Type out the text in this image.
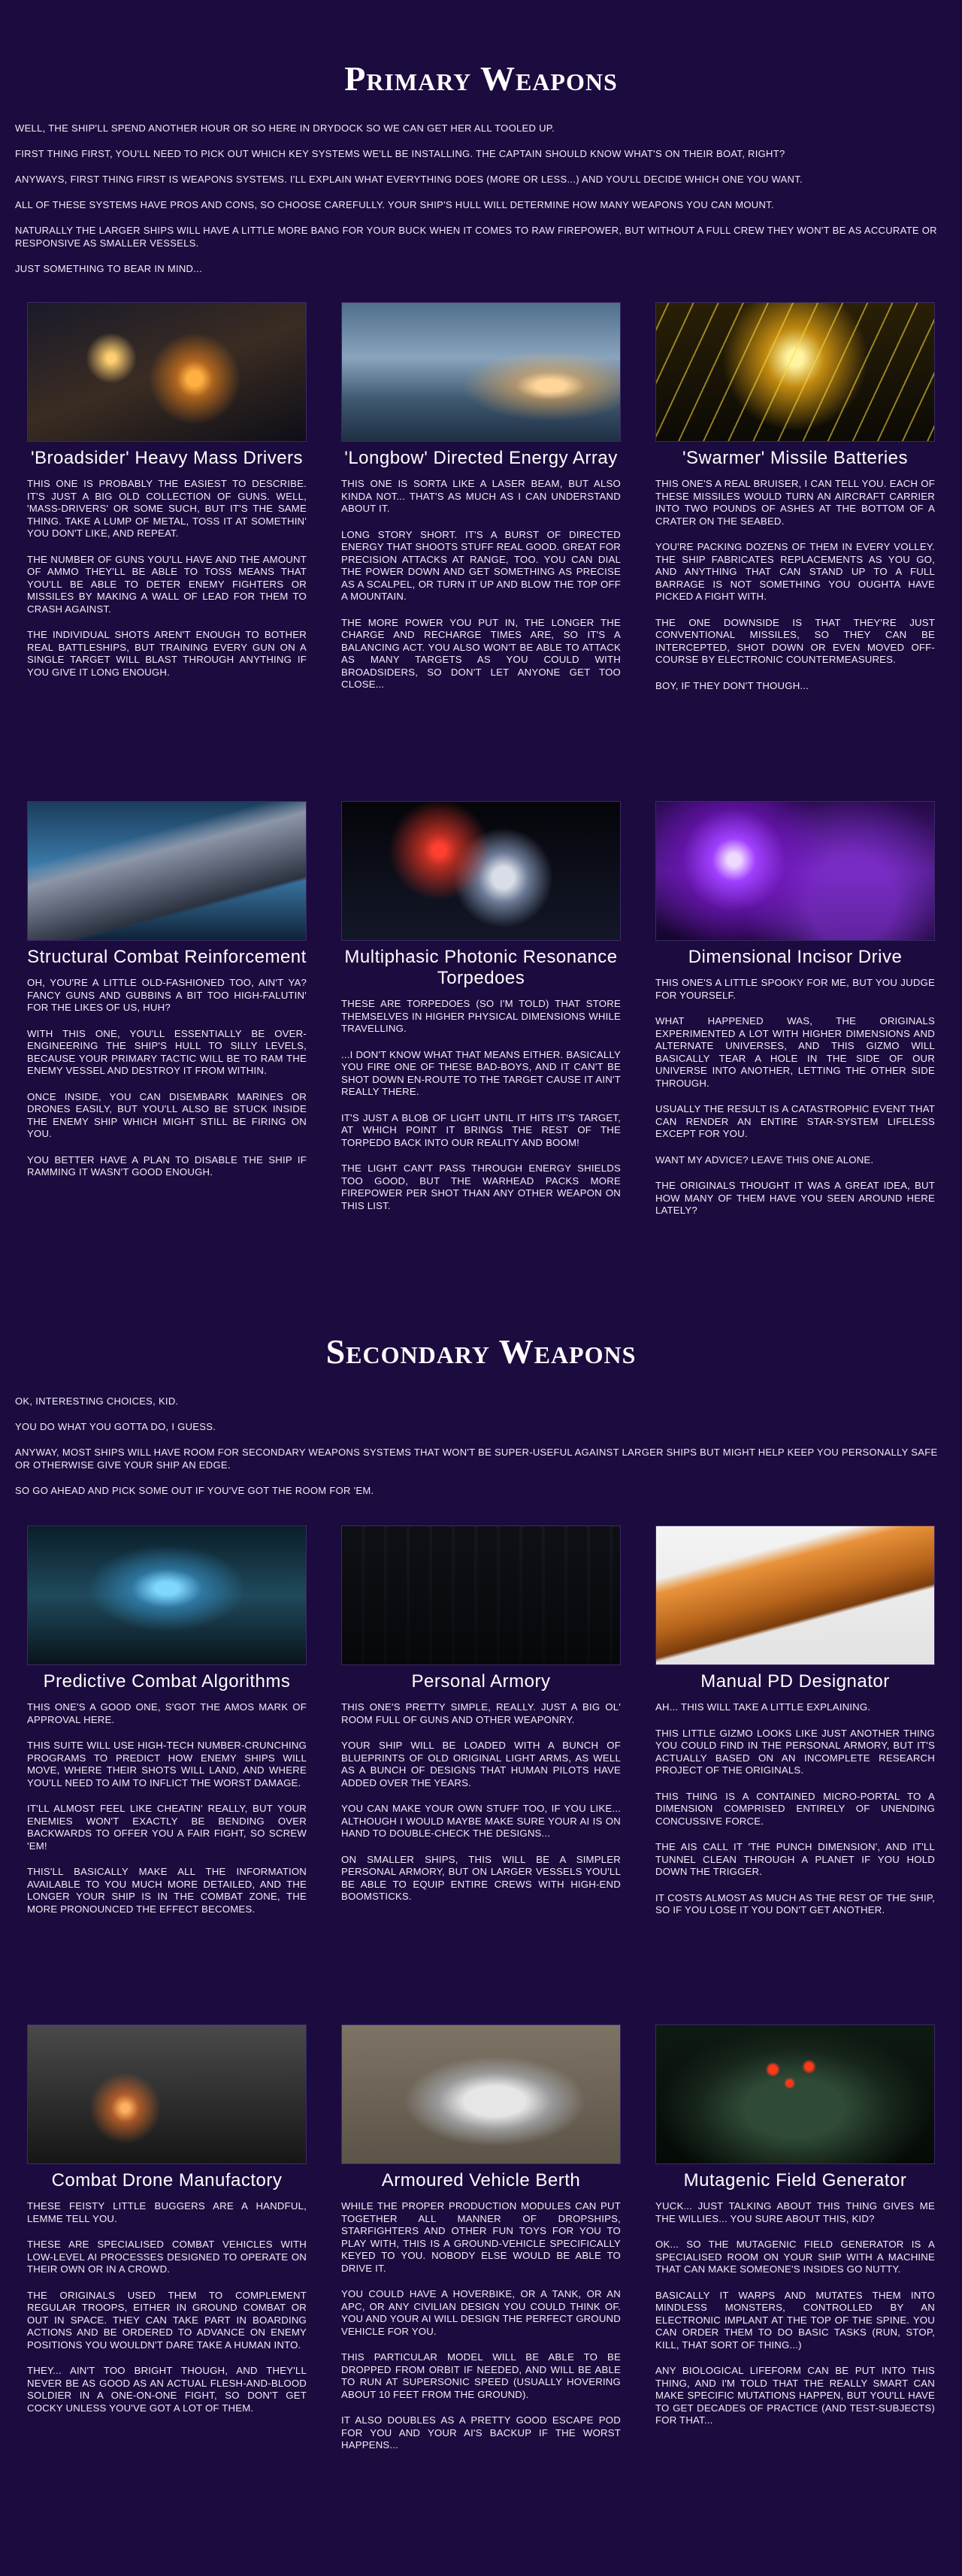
Primary Weapons

WELL, THE SHIP'LL SPEND ANOTHER HOUR OR SO HERE IN DRYDOCK SO WE CAN GET HER ALL TOOLED UP.

FIRST THING FIRST, YOU'LL NEED TO PICK OUT WHICH KEY SYSTEMS WE'LL BE INSTALLING. THE CAPTAIN SHOULD KNOW WHAT'S ON THEIR BOAT, RIGHT?

ANYWAYS, FIRST THING FIRST IS WEAPONS SYSTEMS. I'LL EXPLAIN WHAT EVERYTHING DOES (MORE OR LESS...) AND YOU'LL DECIDE WHICH ONE YOU WANT.

ALL OF THESE SYSTEMS HAVE PROS AND CONS, SO CHOOSE CAREFULLY. YOUR SHIP'S HULL WILL DETERMINE HOW MANY WEAPONS YOU CAN MOUNT.

NATURALLY THE LARGER SHIPS WILL HAVE A LITTLE MORE BANG FOR YOUR BUCK WHEN IT COMES TO RAW FIREPOWER, BUT WITHOUT A FULL CREW THEY WON'T BE AS ACCURATE OR RESPONSIVE AS SMALLER VESSELS.

JUST SOMETHING TO BEAR IN MIND...

'Broadsider' Heavy Mass Drivers

THIS ONE IS PROBABLY THE EASIEST TO DESCRIBE. IT'S JUST A BIG OLD COLLECTION OF GUNS. WELL, 'MASS-DRIVERS' OR SOME SUCH, BUT IT'S THE SAME THING. TAKE A LUMP OF METAL, TOSS IT AT SOMETHIN' YOU DON'T LIKE, AND REPEAT.

THE NUMBER OF GUNS YOU'LL HAVE AND THE AMOUNT OF AMMO THEY'LL BE ABLE TO TOSS MEANS THAT YOU'LL BE ABLE TO DETER ENEMY FIGHTERS OR MISSILES BY MAKING A WALL OF LEAD FOR THEM TO CRASH AGAINST.

THE INDIVIDUAL SHOTS AREN'T ENOUGH TO BOTHER REAL BATTLESHIPS, BUT TRAINING EVERY GUN ON A SINGLE TARGET WILL BLAST THROUGH ANYTHING IF YOU GIVE IT LONG ENOUGH.

'Longbow' Directed Energy Array

THIS ONE IS SORTA LIKE A LASER BEAM, BUT ALSO KINDA NOT... THAT'S AS MUCH AS I CAN UNDERSTAND ABOUT IT.

LONG STORY SHORT. IT'S A BURST OF DIRECTED ENERGY THAT SHOOTS STUFF REAL GOOD. GREAT FOR PRECISION ATTACKS AT RANGE, TOO. YOU CAN DIAL THE POWER DOWN AND GET SOMETHING AS PRECISE AS A SCALPEL, OR TURN IT UP AND BLOW THE TOP OFF A MOUNTAIN.

THE MORE POWER YOU PUT IN, THE LONGER THE CHARGE AND RECHARGE TIMES ARE, SO IT'S A BALANCING ACT. YOU ALSO WON'T BE ABLE TO ATTACK AS MANY TARGETS AS YOU COULD WITH BROADSIDERS, SO DON'T LET ANYONE GET TOO CLOSE...

'Swarmer' Missile Batteries

THIS ONE'S A REAL BRUISER, I CAN TELL YOU. EACH OF THESE MISSILES WOULD TURN AN AIRCRAFT CARRIER INTO TWO POUNDS OF ASHES AT THE BOTTOM OF A CRATER ON THE SEABED.

YOU'RE PACKING DOZENS OF THEM IN EVERY VOLLEY. THE SHIP FABRICATES REPLACEMENTS AS YOU GO, AND ANYTHING THAT CAN STAND UP TO A FULL BARRAGE IS NOT SOMETHING YOU OUGHTA HAVE PICKED A FIGHT WITH.

THE ONE DOWNSIDE IS THAT THEY'RE JUST CONVENTIONAL MISSILES, SO THEY CAN BE INTERCEPTED, SHOT DOWN OR EVEN MOVED OFF-COURSE BY ELECTRONIC COUNTERMEASURES.

BOY, IF THEY DON'T THOUGH...

Structural Combat Reinforcement

OH, YOU'RE A LITTLE OLD-FASHIONED TOO, AIN'T YA? FANCY GUNS AND GUBBINS A BIT TOO HIGH-FALUTIN' FOR THE LIKES OF US, HUH?

WITH THIS ONE, YOU'LL ESSENTIALLY BE OVER-ENGINEERING THE SHIP'S HULL TO SILLY LEVELS, BECAUSE YOUR PRIMARY TACTIC WILL BE TO RAM THE ENEMY VESSEL AND DESTROY IT FROM WITHIN.

ONCE INSIDE, YOU CAN DISEMBARK MARINES OR DRONES EASILY, BUT YOU'LL ALSO BE STUCK INSIDE THE ENEMY SHIP WHICH MIGHT STILL BE FIRING ON YOU.

YOU BETTER HAVE A PLAN TO DISABLE THE SHIP IF RAMMING IT WASN'T GOOD ENOUGH.

Multiphasic Photonic Resonance Torpedoes

THESE ARE TORPEDOES (SO I'M TOLD) THAT STORE THEMSELVES IN HIGHER PHYSICAL DIMENSIONS WHILE TRAVELLING.

...I DON'T KNOW WHAT THAT MEANS EITHER. BASICALLY YOU FIRE ONE OF THESE BAD-BOYS, AND IT CAN'T BE SHOT DOWN EN-ROUTE TO THE TARGET CAUSE IT AIN'T REALLY THERE.

IT'S JUST A BLOB OF LIGHT UNTIL IT HITS IT'S TARGET, AT WHICH POINT IT BRINGS THE REST OF THE TORPEDO BACK INTO OUR REALITY AND BOOM!

THE LIGHT CAN'T PASS THROUGH ENERGY SHIELDS TOO GOOD, BUT THE WARHEAD PACKS MORE FIREPOWER PER SHOT THAN ANY OTHER WEAPON ON THIS LIST.

Dimensional Incisor Drive

THIS ONE'S A LITTLE SPOOKY FOR ME, BUT YOU JUDGE FOR YOURSELF.

WHAT HAPPENED WAS, THE ORIGINALS EXPERIMENTED A LOT WITH HIGHER DIMENSIONS AND ALTERNATE UNIVERSES, AND THIS GIZMO WILL BASICALLY TEAR A HOLE IN THE SIDE OF OUR UNIVERSE INTO ANOTHER, LETTING THE OTHER SIDE THROUGH.

USUALLY THE RESULT IS A CATASTROPHIC EVENT THAT CAN RENDER AN ENTIRE STAR-SYSTEM LIFELESS EXCEPT FOR YOU.

WANT MY ADVICE? LEAVE THIS ONE ALONE.

THE ORIGINALS THOUGHT IT WAS A GREAT IDEA, BUT HOW MANY OF THEM HAVE YOU SEEN AROUND HERE LATELY?

Secondary Weapons

OK, INTERESTING CHOICES, KID.

YOU DO WHAT YOU GOTTA DO, I GUESS.

ANYWAY, MOST SHIPS WILL HAVE ROOM FOR SECONDARY WEAPONS SYSTEMS THAT WON'T BE SUPER-USEFUL AGAINST LARGER SHIPS BUT MIGHT HELP KEEP YOU PERSONALLY SAFE OR OTHERWISE GIVE YOUR SHIP AN EDGE.

SO GO AHEAD AND PICK SOME OUT IF YOU'VE GOT THE ROOM FOR 'EM.

Predictive Combat Algorithms

THIS ONE'S A GOOD ONE, S'GOT THE AMOS MARK OF APPROVAL HERE.

THIS SUITE WILL USE HIGH-TECH NUMBER-CRUNCHING PROGRAMS TO PREDICT HOW ENEMY SHIPS WILL MOVE, WHERE THEIR SHOTS WILL LAND, AND WHERE YOU'LL NEED TO AIM TO INFLICT THE WORST DAMAGE.

IT'LL ALMOST FEEL LIKE CHEATIN' REALLY, BUT YOUR ENEMIES WON'T EXACTLY BE BENDING OVER BACKWARDS TO OFFER YOU A FAIR FIGHT, SO SCREW 'EM!

THIS'LL BASICALLY MAKE ALL THE INFORMATION AVAILABLE TO YOU MUCH MORE DETAILED, AND THE LONGER YOUR SHIP IS IN THE COMBAT ZONE, THE MORE PRONOUNCED THE EFFECT BECOMES.

Personal Armory

THIS ONE'S PRETTY SIMPLE, REALLY. JUST A BIG OL' ROOM FULL OF GUNS AND OTHER WEAPONRY.

YOUR SHIP WILL BE LOADED WITH A BUNCH OF BLUEPRINTS OF OLD ORIGINAL LIGHT ARMS, AS WELL AS A BUNCH OF DESIGNS THAT HUMAN PILOTS HAVE ADDED OVER THE YEARS.

YOU CAN MAKE YOUR OWN STUFF TOO, IF YOU LIKE... ALTHOUGH I WOULD MAYBE MAKE SURE YOUR AI IS ON HAND TO DOUBLE-CHECK THE DESIGNS...

ON SMALLER SHIPS, THIS WILL BE A SIMPLER PERSONAL ARMORY, BUT ON LARGER VESSELS YOU'LL BE ABLE TO EQUIP ENTIRE CREWS WITH HIGH-END BOOMSTICKS.

Manual PD Designator

AH... THIS WILL TAKE A LITTLE EXPLAINING.

THIS LITTLE GIZMO LOOKS LIKE JUST ANOTHER THING YOU COULD FIND IN THE PERSONAL ARMORY, BUT IT'S ACTUALLY BASED ON AN INCOMPLETE RESEARCH PROJECT OF THE ORIGINALS.

THIS THING IS A CONTAINED MICRO-PORTAL TO A DIMENSION COMPRISED ENTIRELY OF UNENDING CONCUSSIVE FORCE.

THE AIS CALL IT 'THE PUNCH DIMENSION', AND IT'LL TUNNEL CLEAN THROUGH A PLANET IF YOU HOLD DOWN THE TRIGGER.

IT COSTS ALMOST AS MUCH AS THE REST OF THE SHIP, SO IF YOU LOSE IT YOU DON'T GET ANOTHER.

Combat Drone Manufactory

THESE FEISTY LITTLE BUGGERS ARE A HANDFUL, LEMME TELL YOU.

THESE ARE SPECIALISED COMBAT VEHICLES WITH LOW-LEVEL AI PROCESSES DESIGNED TO OPERATE ON THEIR OWN OR IN A CROWD.

THE ORIGINALS USED THEM TO COMPLEMENT REGULAR TROOPS, EITHER IN GROUND COMBAT OR OUT IN SPACE. THEY CAN TAKE PART IN BOARDING ACTIONS AND BE ORDERED TO ADVANCE ON ENEMY POSITIONS YOU WOULDN'T DARE TAKE A HUMAN INTO.

THEY... AIN'T TOO BRIGHT THOUGH, AND THEY'LL NEVER BE AS GOOD AS AN ACTUAL FLESH-AND-BLOOD SOLDIER IN A ONE-ON-ONE FIGHT, SO DON'T GET COCKY UNLESS YOU'VE GOT A LOT OF THEM.

Armoured Vehicle Berth

WHILE THE PROPER PRODUCTION MODULES CAN PUT TOGETHER ALL MANNER OF DROPSHIPS, STARFIGHTERS AND OTHER FUN TOYS FOR YOU TO PLAY WITH, THIS IS A GROUND-VEHICLE SPECIFICALLY KEYED TO YOU. NOBODY ELSE WOULD BE ABLE TO DRIVE IT.

YOU COULD HAVE A HOVERBIKE, OR A TANK, OR AN APC, OR ANY CIVILIAN DESIGN YOU COULD THINK OF. YOU AND YOUR AI WILL DESIGN THE PERFECT GROUND VEHICLE FOR YOU.

THIS PARTICULAR MODEL WILL BE ABLE TO BE DROPPED FROM ORBIT IF NEEDED, AND WILL BE ABLE TO RUN AT SUPERSONIC SPEED (USUALLY HOVERING ABOUT 10 FEET FROM THE GROUND).

IT ALSO DOUBLES AS A PRETTY GOOD ESCAPE POD FOR YOU AND YOUR AI'S BACKUP IF THE WORST HAPPENS...

Mutagenic Field Generator

YUCK... JUST TALKING ABOUT THIS THING GIVES ME THE WILLIES... YOU SURE ABOUT THIS, KID?

OK... SO THE MUTAGENIC FIELD GENERATOR IS A SPECIALISED ROOM ON YOUR SHIP WITH A MACHINE THAT CAN MAKE SOMEONE'S INSIDES GO NUTTY.

BASICALLY IT WARPS AND MUTATES THEM INTO MINDLESS MONSTERS, CONTROLLED BY AN ELECTRONIC IMPLANT AT THE TOP OF THE SPINE. YOU CAN ORDER THEM TO DO BASIC TASKS (RUN, STOP, KILL, THAT SORT OF THING...)

ANY BIOLOGICAL LIFEFORM CAN BE PUT INTO THIS THING, AND I'M TOLD THAT THE REALLY SMART CAN MAKE SPECIFIC MUTATIONS HAPPEN, BUT YOU'LL HAVE TO GET DECADES OF PRACTICE (AND TEST-SUBJECTS) FOR THAT...
